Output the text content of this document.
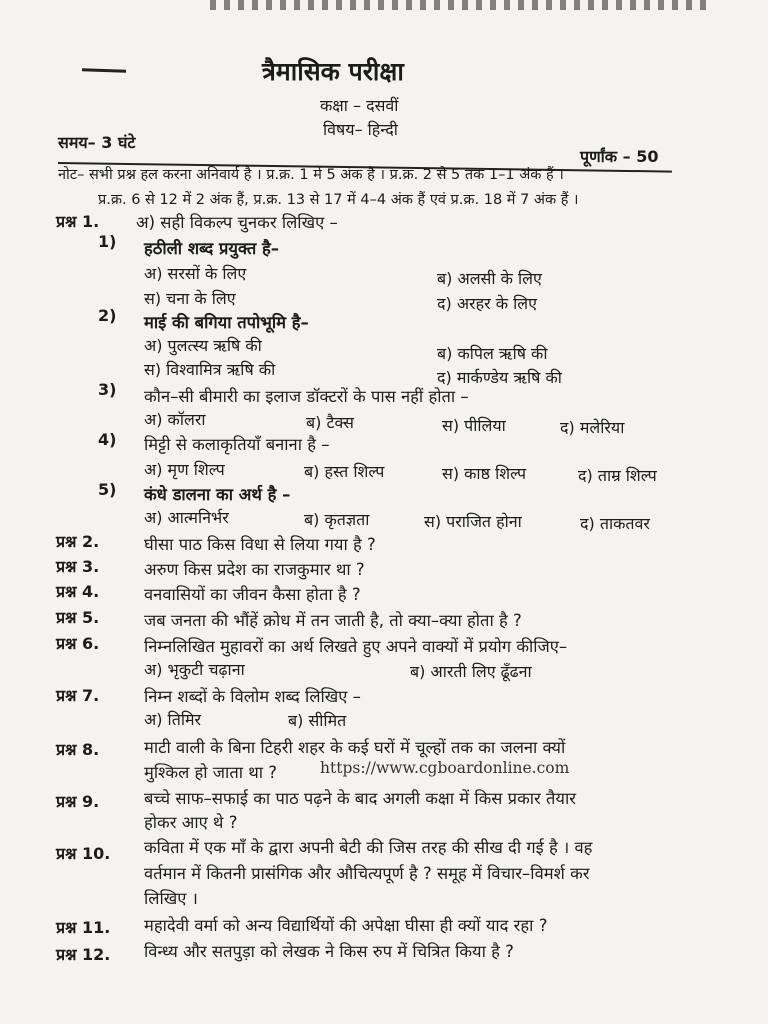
त्रैमासिक परीक्षा
कक्षा – दसवीं
विषय– हिन्दी
समय– 3 घंटे
पूर्णांक – 50
नोट– सभी प्रश्न हल करना अनिवार्य है । प्र.क्र. 1 में 5 अंक हैं । प्र.क्र. 2 से 5 तक 1–1 अंक हैं ।
प्र.क्र. 6 से 12 में 2 अंक हैं, प्र.क्र. 13 से 17 में 4–4 अंक हैं एवं प्र.क्र. 18 में 7 अंक हैं ।
प्रश्न 1. अ) सही विकल्प चुनकर लिखिए –
1) हठीली शब्द प्रयुक्त है–
अ) सरसों के लिए	ब) अलसी के लिए
स) चना के लिए	द) अरहर के लिए
2) माई की बगिया तपोभूमि है–
अ) पुलत्स्य ऋषि की	ब) कपिल ऋषि की
स) विश्वामित्र ऋषि की	द) मार्कण्डेय ऋषि की
3) कौन–सी बीमारी का इलाज डॉक्टरों के पास नहीं होता –
अ) कॉलरा	ब) टैक्स	स) पीलिया	द) मलेरिया
4) मिट्टी से कलाकृतियाँ बनाना है –
अ) मृण शिल्प	ब) हस्त शिल्प	स) काष्ठ शिल्प	द) ताम्र शिल्प
5) कंधे डालना का अर्थ है –
अ) आत्मनिर्भर	ब) कृतज्ञता	स) पराजित होना	द) ताकतवर
प्रश्न 2.	घीसा पाठ किस विधा से लिया गया है ?
प्रश्न 3.	अरुण किस प्रदेश का राजकुमार था ?
प्रश्न 4.	वनवासियों का जीवन कैसा होता है ?
प्रश्न 5.	जब जनता की भौंहें क्रोध में तन जाती है, तो क्या–क्या होता है ?
प्रश्न 6.	निम्नलिखित मुहावरों का अर्थ लिखते हुए अपने वाक्यों में प्रयोग कीजिए–
अ) भृकुटी चढ़ाना	ब) आरती लिए ढूँढना
प्रश्न 7.	निम्न शब्दों के विलोम शब्द लिखिए –
अ) तिमिर	ब) सीमित
प्रश्न 8.	माटी वाली के बिना टिहरी शहर के कई घरों में चूल्हों तक का जलना क्यों
मुश्किल हो जाता था ?	https://www.cgboardonline.com
प्रश्न 9.	बच्चे साफ–सफाई का पाठ पढ़ने के बाद अगली कक्षा में किस प्रकार तैयार
होकर आए थे ?
प्रश्न 10. कविता में एक माँ के द्वारा अपनी बेटी की जिस तरह की सीख दी गई है । वह
वर्तमान में कितनी प्रासंगिक और औचित्यपूर्ण है ? समूह में विचार–विमर्श कर
लिखिए ।
प्रश्न 11. महादेवी वर्मा को अन्य विद्यार्थियों की अपेक्षा घीसा ही क्यों याद रहा ?
प्रश्न 12. विन्ध्य और सतपुड़ा को लेखक ने किस रुप में चित्रित किया है ?
